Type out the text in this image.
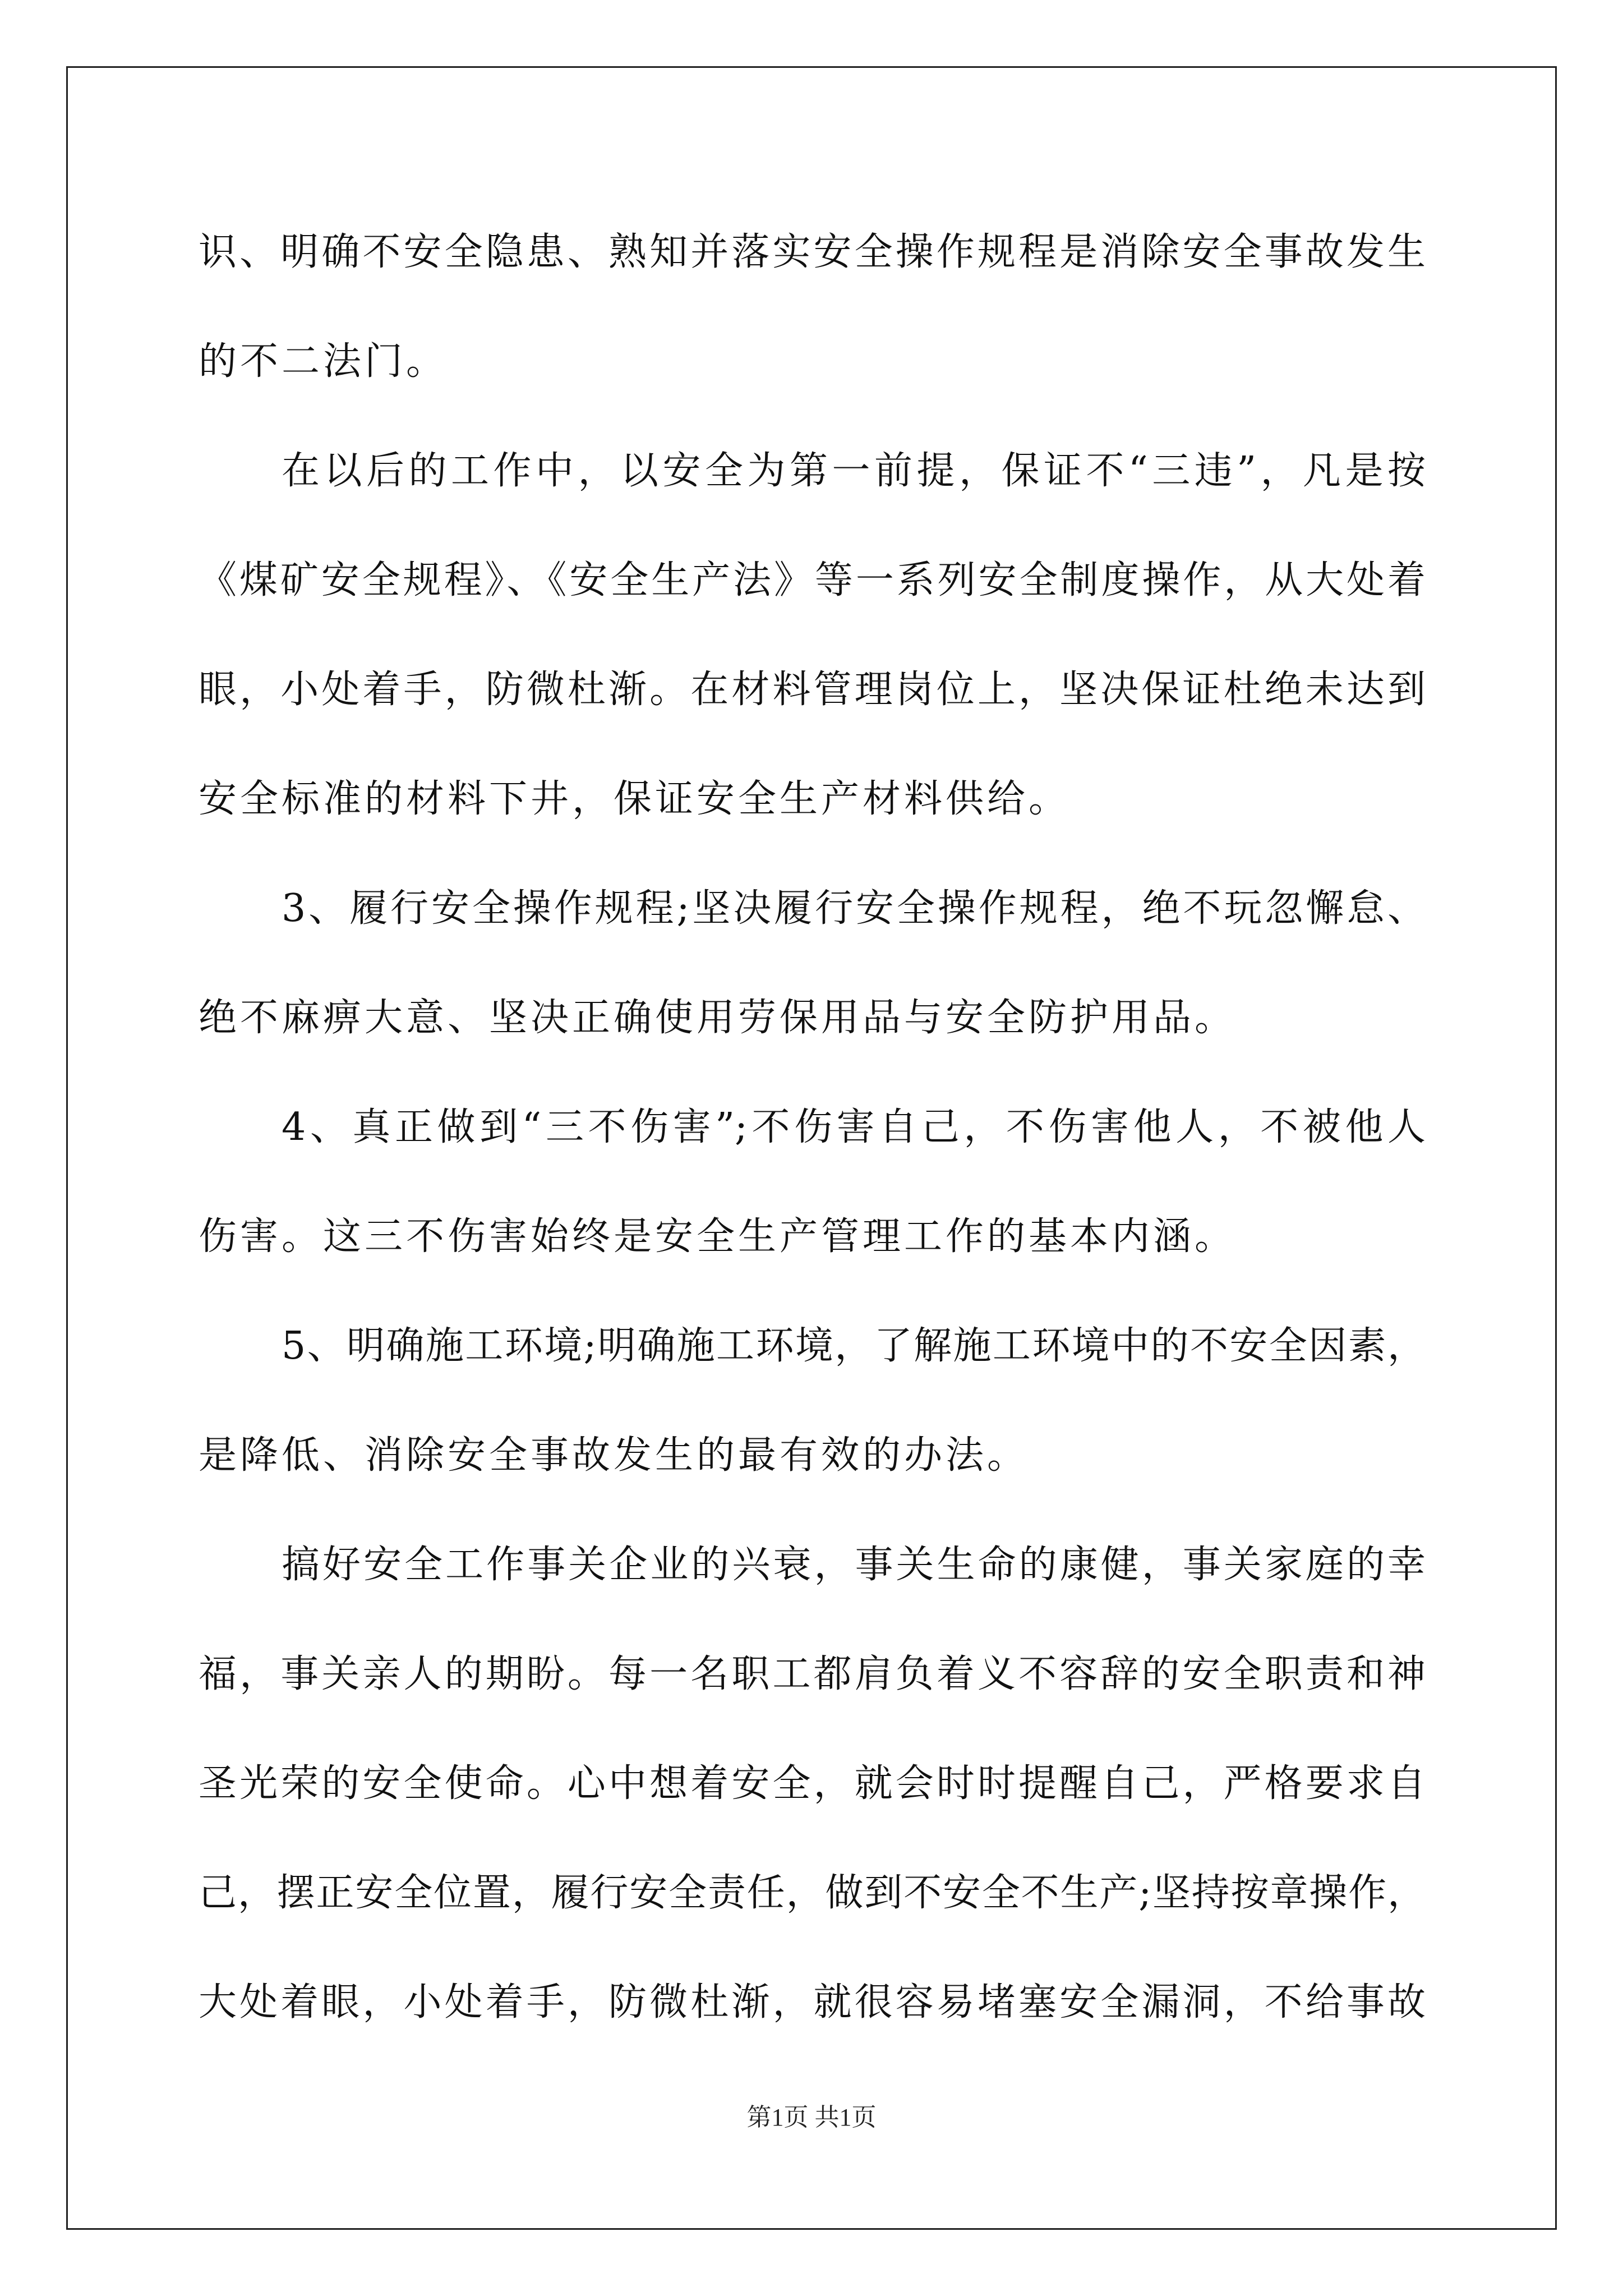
识、明确不安全隐患、熟知并落实安全操作规程是消除安全事故发生
的不二法门。
在以后的工作中，以安全为第一前提，保证不“三违”，凡是按
《煤矿安全规程》、《安全生产法》等一系列安全制度操作，从大处着
眼，小处着手，防微杜渐。在材料管理岗位上，坚决保证杜绝未达到
安全标准的材料下井，保证安全生产材料供给。
3、履行安全操作规程;坚决履行安全操作规程，绝不玩忽懈怠、
绝不麻痹大意、坚决正确使用劳保用品与安全防护用品。
4、真正做到“三不伤害”;不伤害自己，不伤害他人，不被他人
伤害。这三不伤害始终是安全生产管理工作的基本内涵。
5、明确施工环境;明确施工环境，了解施工环境中的不安全因素，
是降低、消除安全事故发生的最有效的办法。
搞好安全工作事关企业的兴衰，事关生命的康健，事关家庭的幸
福，事关亲人的期盼。每一名职工都肩负着义不容辞的安全职责和神
圣光荣的安全使命。心中想着安全，就会时时提醒自己，严格要求自
己，摆正安全位置，履行安全责任，做到不安全不生产;坚持按章操作，
大处着眼，小处着手，防微杜渐，就很容易堵塞安全漏洞，不给事故
第1页 共1页
